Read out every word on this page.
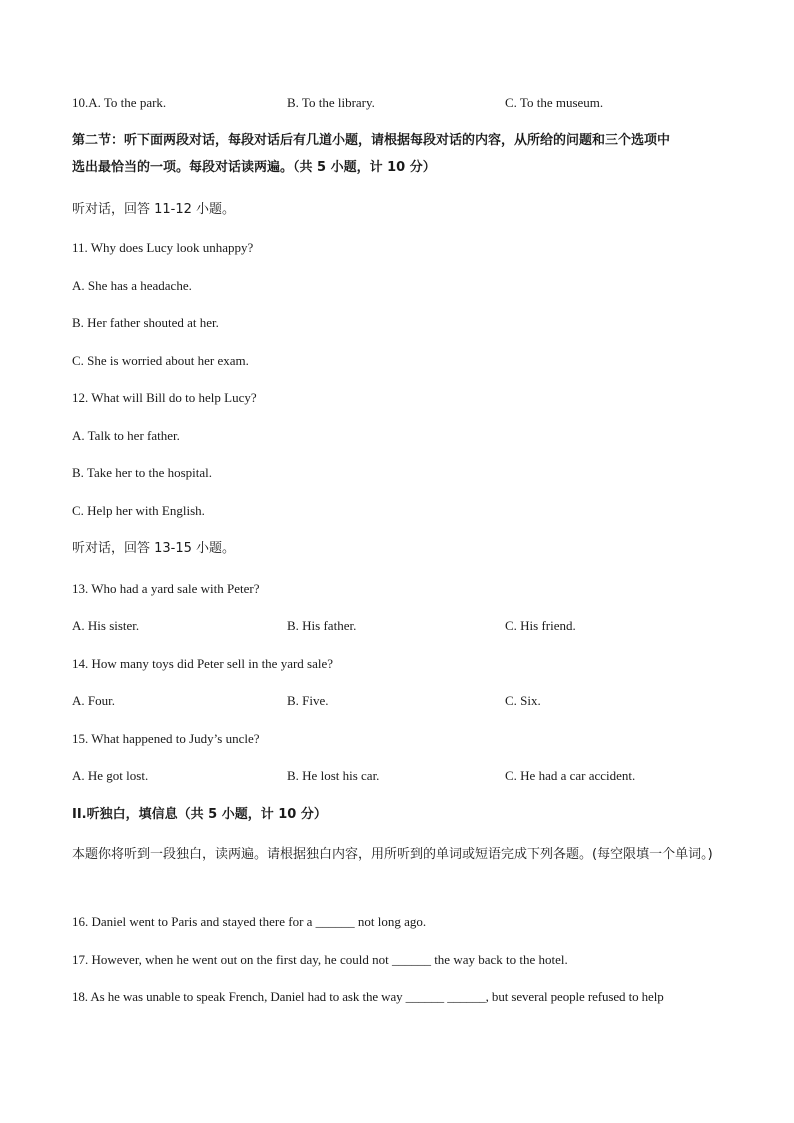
10.A. To the park.	B. To the library.	C. To the museum.
第二节：听下面两段对话，每段对话后有几道小题，请根据每段对话的内容，从所给的问题和三个选项中
选出最恰当的一项。每段对话读两遍。（共 5 小题，计 10 分）
听对话，回答 11-12 小题。
11. Why does Lucy look unhappy?
A. She has a headache.
B. Her father shouted at her.
C. She is worried about her exam.
12. What will Bill do to help Lucy?
A. Talk to her father.
B. Take her to the hospital.
C. Help her with English.
听对话，回答 13-15 小题。
13. Who had a yard sale with Peter?
A. His sister.	B. His father.	C. His friend.
14. How many toys did Peter sell in the yard sale?
A. Four.	B. Five.	C. Six.
15. What happened to Judy’s uncle?
A. He got lost.	B. He lost his car.	C. He had a car accident.
II.听独白，填信息（共 5 小题，计 10 分）
本题你将听到一段独白，读两遍。请根据独白内容，用所听到的单词或短语完成下列各题。(每空限填一个单词。)
16. Daniel went to Paris and stayed there for a ______ not long ago.
17. However, when he went out on the first day, he could not ______ the way back to the hotel.
18. As he was unable to speak French, Daniel had to ask the way ______ ______, but several people refused to help
